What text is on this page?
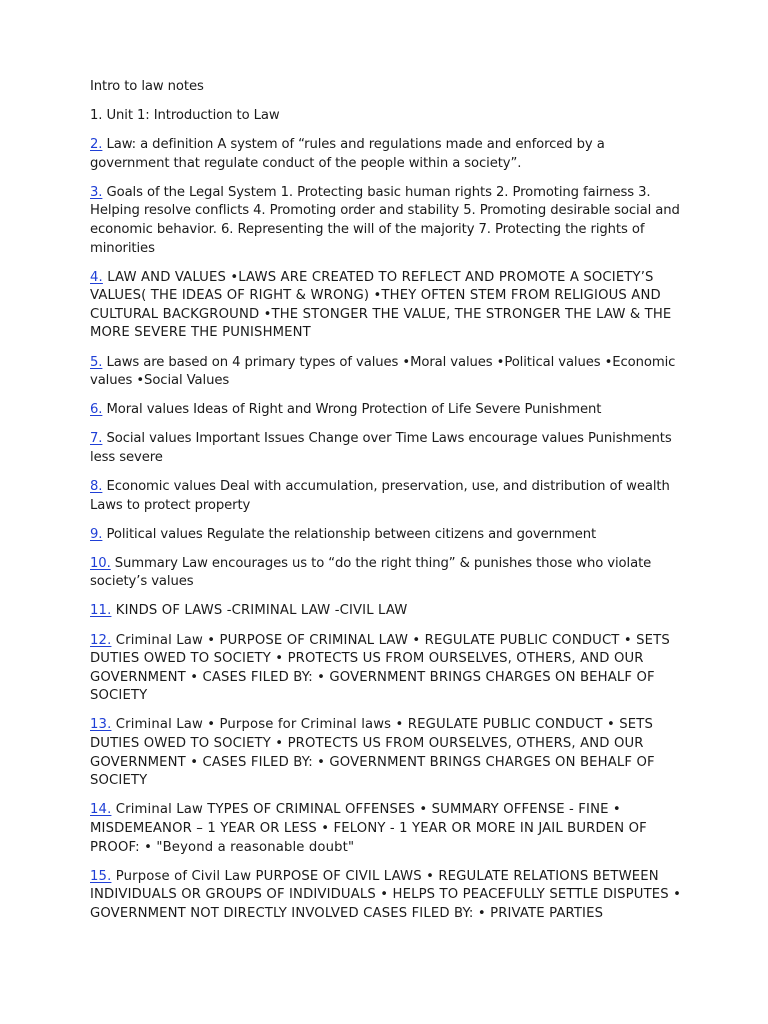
Intro to law notes

1. Unit 1: Introduction to Law

2. Law: a definition A system of “rules and regulations made and enforced by a government that regulate conduct of the people within a society”.

3. Goals of the Legal System 1. Protecting basic human rights 2. Promoting fairness 3. Helping resolve conflicts 4. Promoting order and stability 5. Promoting desirable social and economic behavior. 6. Representing the will of the majority 7. Protecting the rights of minorities

4. LAW AND VALUES •LAWS ARE CREATED TO REFLECT AND PROMOTE A SOCIETY’S VALUES( THE IDEAS OF RIGHT & WRONG) •THEY OFTEN STEM FROM RELIGIOUS AND CULTURAL BACKGROUND •THE STONGER THE VALUE, THE STRONGER THE LAW & THE MORE SEVERE THE PUNISHMENT

5. Laws are based on 4 primary types of values •Moral values •Political values •Economic values •Social Values

6. Moral values Ideas of Right and Wrong Protection of Life Severe Punishment

7. Social values Important Issues Change over Time Laws encourage values Punishments less severe

8. Economic values Deal with accumulation, preservation, use, and distribution of wealth Laws to protect property

9. Political values Regulate the relationship between citizens and government

10. Summary Law encourages us to “do the right thing” & punishes those who violate society’s values

11. KINDS OF LAWS -CRIMINAL LAW -CIVIL LAW

12. Criminal Law • PURPOSE OF CRIMINAL LAW • REGULATE PUBLIC CONDUCT • SETS DUTIES OWED TO SOCIETY • PROTECTS US FROM OURSELVES, OTHERS, AND OUR GOVERNMENT • CASES FILED BY: • GOVERNMENT BRINGS CHARGES ON BEHALF OF SOCIETY

13. Criminal Law • Purpose for Criminal laws • REGULATE PUBLIC CONDUCT • SETS DUTIES OWED TO SOCIETY • PROTECTS US FROM OURSELVES, OTHERS, AND OUR GOVERNMENT • CASES FILED BY: • GOVERNMENT BRINGS CHARGES ON BEHALF OF SOCIETY

14. Criminal Law TYPES OF CRIMINAL OFFENSES • SUMMARY OFFENSE - FINE • MISDEMEANOR – 1 YEAR OR LESS • FELONY - 1 YEAR OR MORE IN JAIL BURDEN OF PROOF: • "Beyond a reasonable doubt"

15. Purpose of Civil Law PURPOSE OF CIVIL LAWS • REGULATE RELATIONS BETWEEN INDIVIDUALS OR GROUPS OF INDIVIDUALS • HELPS TO PEACEFULLY SETTLE DISPUTES • GOVERNMENT NOT DIRECTLY INVOLVED CASES FILED BY: • PRIVATE PARTIES
